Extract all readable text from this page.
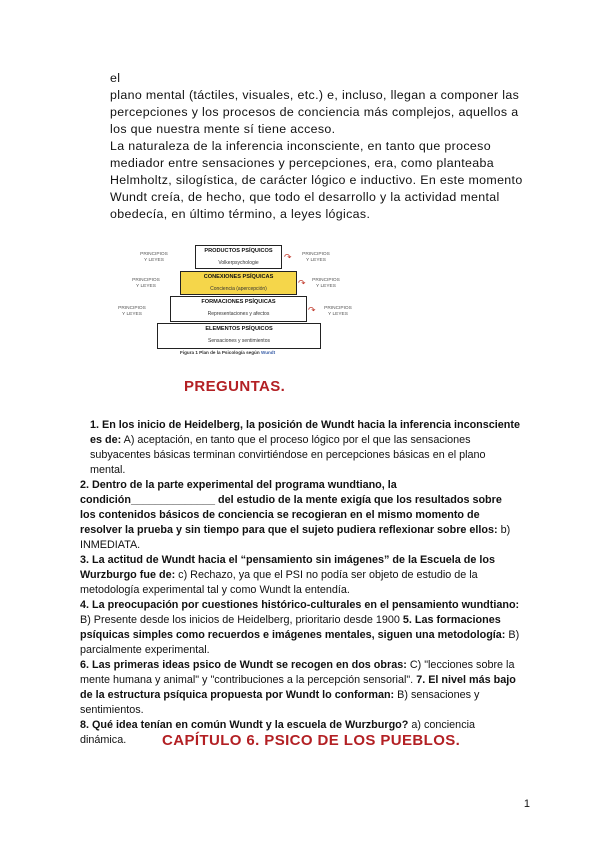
el

plano mental (táctiles, visuales, etc.) e, incluso, llegan a componer las

percepciones y los procesos de conciencia más complejos, aquellos a

los que nuestra mente sí tiene acceso.

La naturaleza de la inferencia inconsciente, en tanto que proceso

mediador entre sensaciones y percepciones, era, como planteaba

Helmholtz, silogística, de carácter lógico e inductivo. En este momento

Wundt creía, de hecho, que todo el desarrollo y la actividad mental

obedecía, en último término, a leyes lógicas.

PRODUCTOS PSÍQUICOS
Volkerpsychologie
CONEXIONES PSÍQUICAS
Conciencia (apercepción)
FORMACIONES PSÍQUICAS
Representaciones y afectos
ELEMENTOS PSÍQUICOS
Sensaciones y sentimientos
PRINCIPIOS Y LEYES
PRINCIPIOS Y LEYES
PRINCIPIOS Y LEYES
PRINCIPIOS Y LEYES
PRINCIPIOS Y LEYES
PRINCIPIOS Y LEYES
↷
↷
↷
Figura 1 Plan de la Psicología según Wundt
PREGUNTAS.

1. En los inicio de Heidelberg, la posición de Wundt hacia la inferencia inconsciente es de: A) aceptación, en tanto que el proceso lógico por el que las sensaciones subyacentes básicas terminan convirtiéndose en percepciones básicas en el plano mental.

2. Dentro de la parte experimental del programa wundtiano, la condición______________ del estudio de la mente exigía que los resultados sobre los contenidos básicos de conciencia se recogieran en el mismo momento de resolver la prueba y sin tiempo para que el sujeto pudiera reflexionar sobre ellos: b) INMEDIATA.

3. La actitud de Wundt hacia el “pensamiento sin imágenes” de la Escuela de los Wurzburgo fue de: c) Rechazo, ya que el PSI no podía ser objeto de estudio de la metodología experimental tal y como Wundt la entendía.

4. La preocupación por cuestiones histórico-culturales en el pensamiento wundtiano: B) Presente desde los inicios de Heidelberg, prioritario desde 1900 5. Las formaciones psíquicas simples como recuerdos e imágenes mentales, siguen una metodología: B) parcialmente experimental.

6. Las primeras ideas psico de Wundt se recogen en dos obras: C) "lecciones sobre la mente humana y animal" y "contribuciones a la percepción sensorial". 7. El nivel más bajo de la estructura psíquica propuesta por Wundt lo conforman: B) sensaciones y sentimientos.

8. Qué idea tenían en común Wundt y la escuela de Wurzburgo? a) conciencia dinámica.	CAPÍTULO 6. PSICO DE LOS PUEBLOS.
1
